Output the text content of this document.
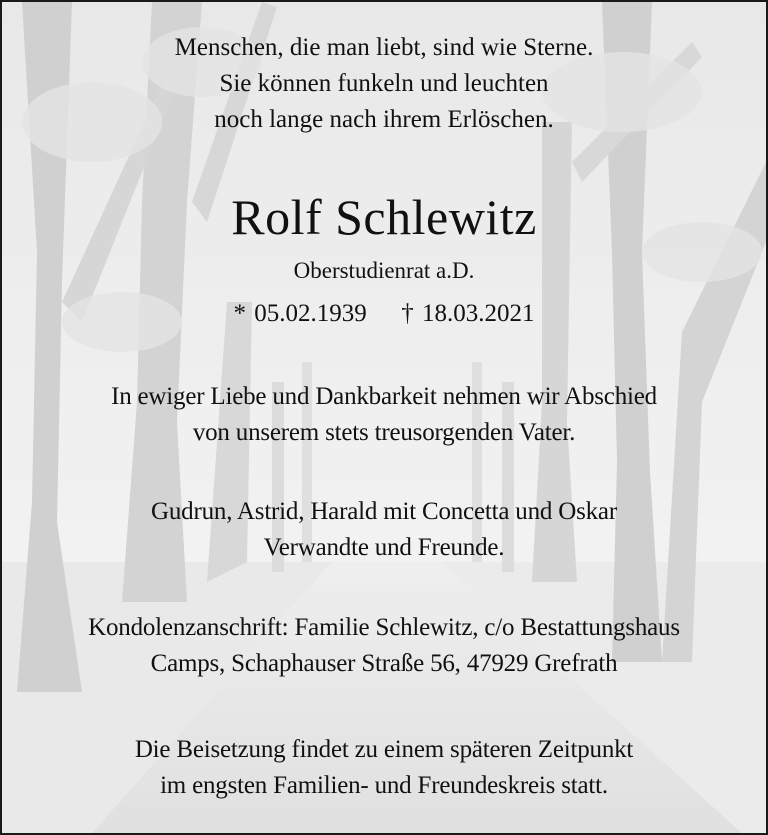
Menschen, die man liebt, sind wie Sterne.
Sie können funkeln und leuchten
noch lange nach ihrem Erlöschen.
Rolf Schlewitz
Oberstudienrat a.D.
* 05.02.1939 † 18.03.2021
In ewiger Liebe und Dankbarkeit nehmen wir Abschied
von unserem stets treusorgenden Vater.
Gudrun, Astrid, Harald mit Concetta und Oskar
Verwandte und Freunde.
Kondolenzanschrift: Familie Schlewitz, c/o Bestattungshaus
Camps, Schaphauser Straße 56, 47929 Grefrath
Die Beisetzung findet zu einem späteren Zeitpunkt
im engsten Familien- und Freundeskreis statt.
